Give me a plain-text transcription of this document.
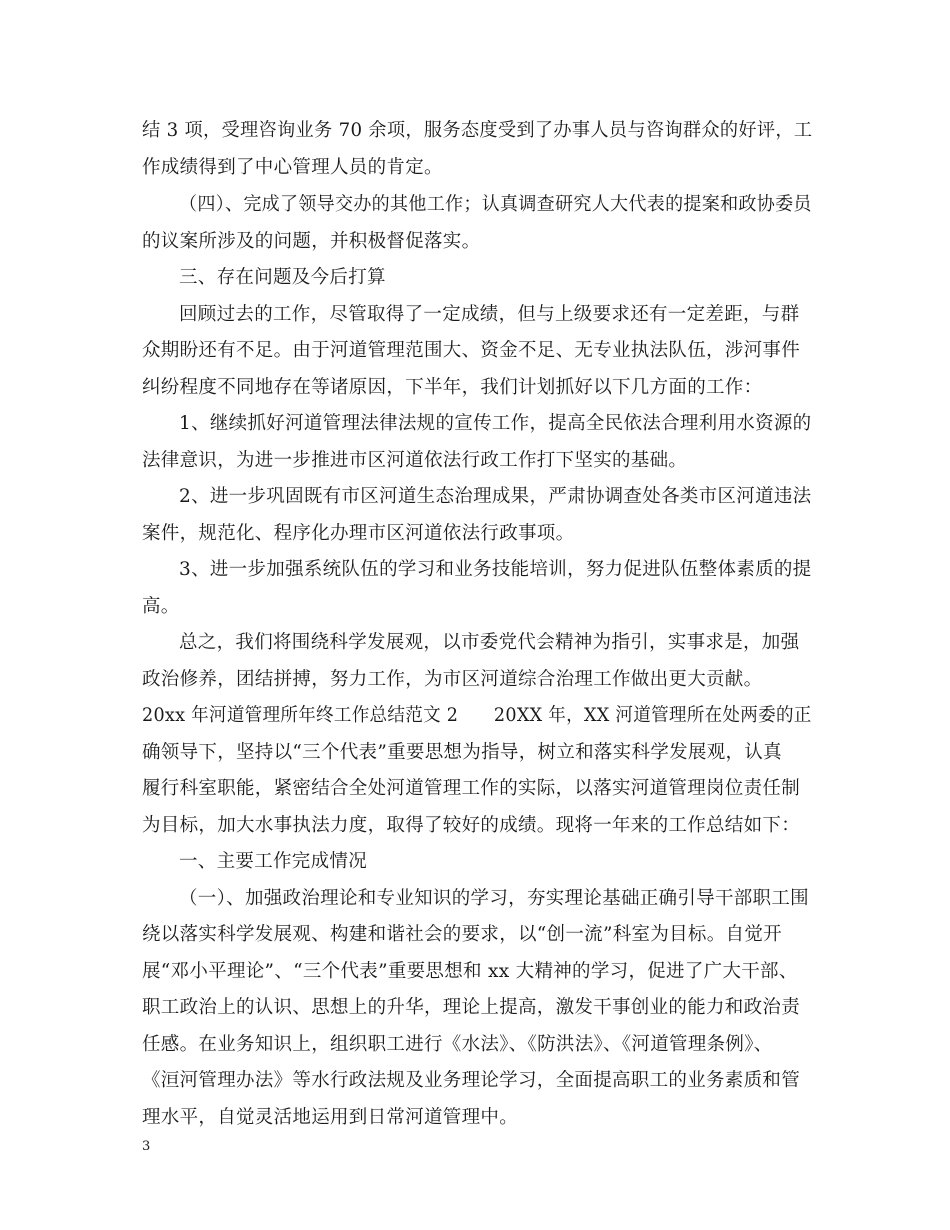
结 3 项，受理咨询业务 70 余项，服务态度受到了办事人员与咨询群众的好评，工
作成绩得到了中心管理人员的肯定。
（四）、完成了领导交办的其他工作；认真调查研究人大代表的提案和政协委员
的议案所涉及的问题，并积极督促落实。
三、存在问题及今后打算
回顾过去的工作，尽管取得了一定成绩，但与上级要求还有一定差距，与群
众期盼还有不足。由于河道管理范围大、资金不足、无专业执法队伍，涉河事件
纠纷程度不同地存在等诸原因，下半年，我们计划抓好以下几方面的工作：
1、继续抓好河道管理法律法规的宣传工作，提高全民依法合理利用水资源的
法律意识，为进一步推进市区河道依法行政工作打下坚实的基础。
2、进一步巩固既有市区河道生态治理成果，严肃协调查处各类市区河道违法
案件，规范化、程序化办理市区河道依法行政事项。
3、进一步加强系统队伍的学习和业务技能培训，努力促进队伍整体素质的提
高。
总之，我们将围绕科学发展观，以市委党代会精神为指引，实事求是，加强
政治修养，团结拼搏，努力工作，为市区河道综合治理工作做出更大贡献。
20xx 年河道管理所年终工作总结范文 2　　20XX 年，XX 河道管理所在处两委的正
确领导下，坚持以“三个代表”重要思想为指导，树立和落实科学发展观，认真
履行科室职能，紧密结合全处河道管理工作的实际，以落实河道管理岗位责任制
为目标，加大水事执法力度，取得了较好的成绩。现将一年来的工作总结如下：
一、主要工作完成情况
（一）、加强政治理论和专业知识的学习，夯实理论基础正确引导干部职工围
绕以落实科学发展观、构建和谐社会的要求，以“创一流”科室为目标。自觉开
展“邓小平理论”、“三个代表”重要思想和 xx 大精神的学习，促进了广大干部、
职工政治上的认识、思想上的升华，理论上提高，激发干事创业的能力和政治责
任感。在业务知识上，组织职工进行《水法》、《防洪法》、《河道管理条例》、
《洹河管理办法》等水行政法规及业务理论学习，全面提高职工的业务素质和管
理水平，自觉灵活地运用到日常河道管理中。
3
